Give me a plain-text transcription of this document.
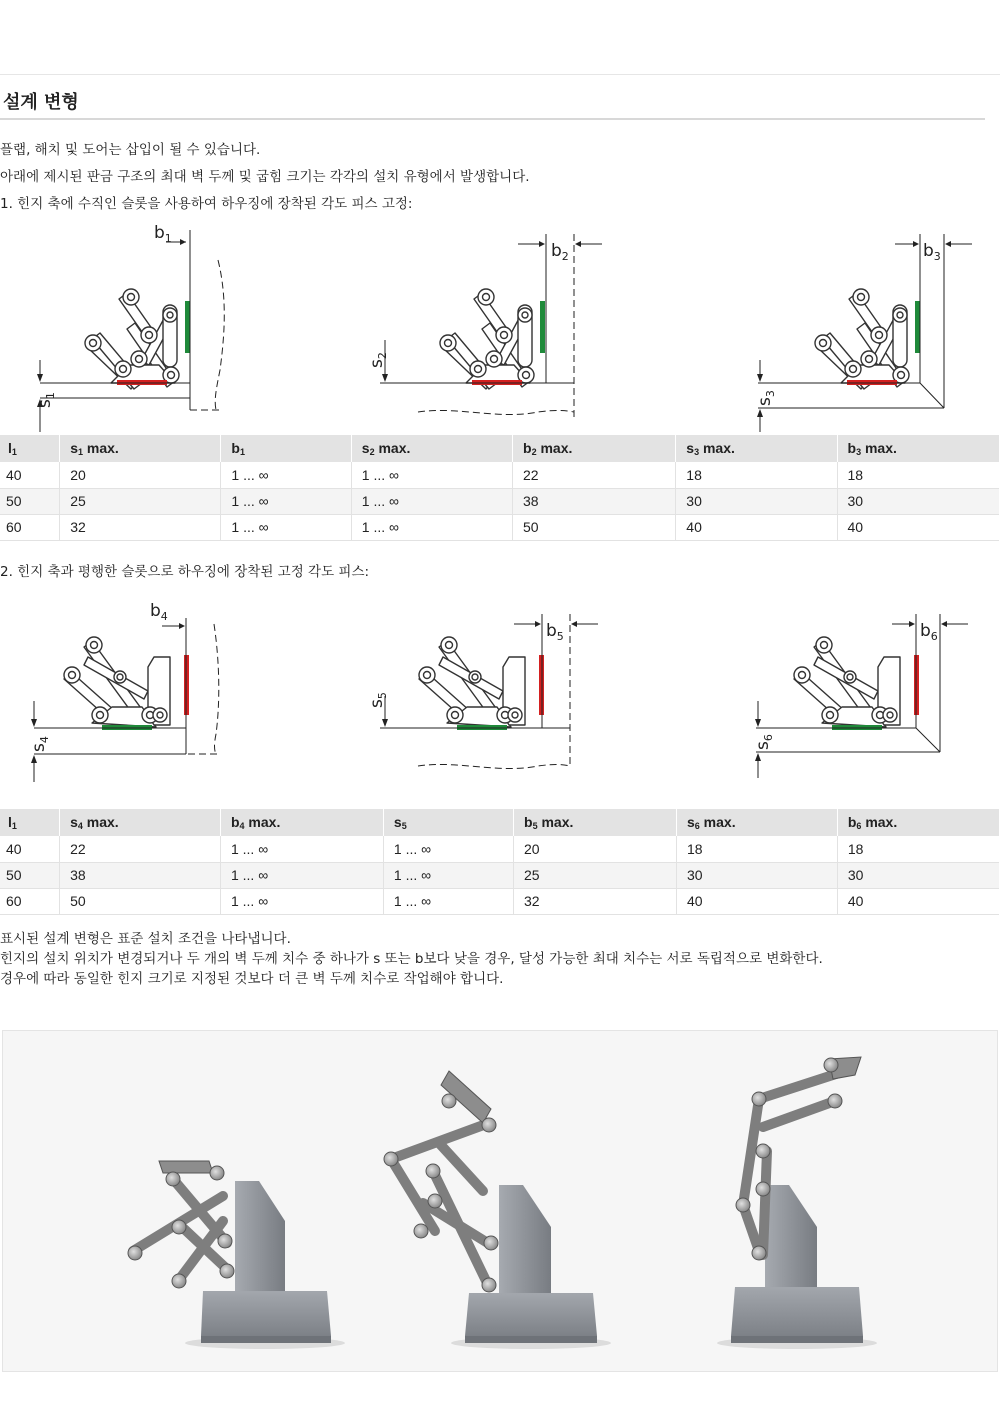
설계 변형
플랩, 해치 및 도어는 삽입이 될 수 있습니다.
아래에 제시된 판금 구조의 최대 벽 두께 및 굽힘 크기는 각각의 설치 유형에서 발생합니다.
1. 힌지 축에 수직인 슬롯을 사용하여 하우징에 장착된 각도 피스 고정:
$b_1$
$s_1$
$b_2$
$s_2$
$b_3$
$s_3$
$l_1$	$s_1$ max.	$b_1$	$s_2$ max.	$b_2$ max.	$s_3$ max.	$b_3$ max.
40	20	1 ... ∞	1 ... ∞	22	18	18
50	25	1 ... ∞	1 ... ∞	38	30	30
60	32	1 ... ∞	1 ... ∞	50	40	40
2. 힌지 축과 평행한 슬롯으로 하우징에 장착된 고정 각도 피스:
$b_4$
$s_4$
$b_5$
$s_5$
$b_6$
$s_6$
$l_1$	$s_4$ max.	$b_4$ max.	$s_5$	$b_5$ max.	$s_6$ max.	$b_6$ max.
40	22	1 ... ∞	1 ... ∞	20	18	18
50	38	1 ... ∞	1 ... ∞	25	30	30
60	50	1 ... ∞	1 ... ∞	32	40	40
표시된 설계 변형은 표준 설치 조건을 나타냅니다.
힌지의 설치 위치가 변경되거나 두 개의 벽 두께 치수 중 하나가 s 또는 b보다 낮을 경우, 달성 가능한 최대 치수는 서로 독립적으로 변화한다.
경우에 따라 동일한 힌지 크기로 지정된 것보다 더 큰 벽 두께 치수로 작업해야 합니다.
